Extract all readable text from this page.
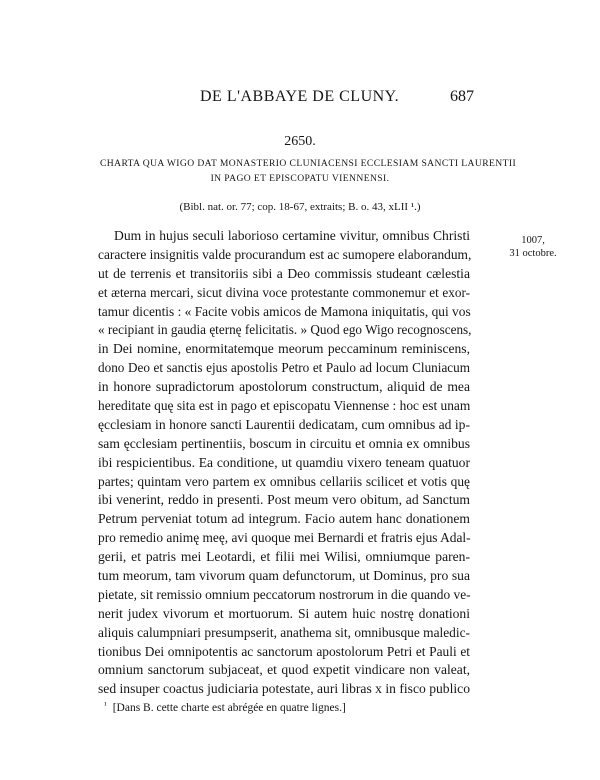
DE L'ABBAYE DE CLUNY.	687
2650.
CHARTA QUA WIGO DAT MONASTERIO CLUNIACENSI ECCLESIAM SANCTI LAURENTII
IN PAGO ET EPISCOPATU VIENNENSI.
(Bibl. nat. or. 77; cop. 18-67, extraits; B. o. 43, xLII ¹.)
1007,
31 octobre.
Dum in hujus seculi laborioso certamine vivitur, omnibus Christi
caractere insignitis valde procurandum est ac sumopere elaborandum,
ut de terrenis et transitoriis sibi a Deo commissis studeant cælestia
et æterna mercari, sicut divina voce protestante commonemur et exor-
tamur dicentis : « Facite vobis amicos de Mamona iniquitatis, qui vos
« recipiant in gaudia ęternę felicitatis. » Quod ego Wigo recognoscens,
in Dei nomine, enormitatemque meorum peccaminum reminiscens,
dono Deo et sanctis ejus apostolis Petro et Paulo ad locum Cluniacum
in honore supradictorum apostolorum constructum, aliquid de mea
hereditate quę sita est in pago et episcopatu Viennense : hoc est unam
ęcclesiam in honore sancti Laurentii dedicatam, cum omnibus ad ip-
sam ęcclesiam pertinentiis, boscum in circuitu et omnia ex omnibus
ibi respicientibus. Ea conditione, ut quamdiu vixero teneam quatuor
partes; quintam vero partem ex omnibus cellariis scilicet et votis quę
ibi venerint, reddo in presenti. Post meum vero obitum, ad Sanctum
Petrum perveniat totum ad integrum. Facio autem hanc donationem
pro remedio animę meę, avi quoque mei Bernardi et fratris ejus Adal-
gerii, et patris mei Leotardi, et filii mei Wilisi, omniumque paren-
tum meorum, tam vivorum quam defunctorum, ut Dominus, pro sua
pietate, sit remissio omnium peccatorum nostrorum in die quando ve-
nerit judex vivorum et mortuorum. Si autem huic nostrę donationi
aliquis calumpniari presumpserit, anathema sit, omnibusque maledic-
tionibus Dei omnipotentis ac sanctorum apostolorum Petri et Pauli et
omnium sanctorum subjaceat, et quod expetit vindicare non valeat,
sed insuper coactus judiciaria potestate, auri libras x in fisco publico
$^{^1}$ [Dans B. cette charte est abrégée en quatre lignes.]
